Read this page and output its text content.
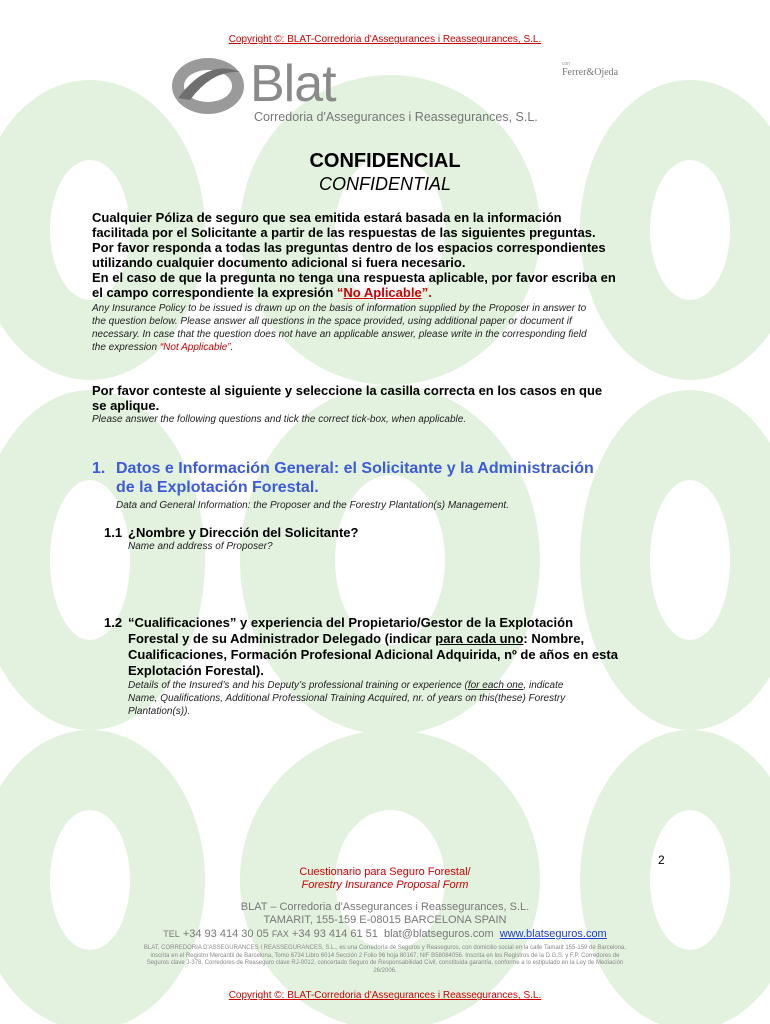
Copyright ©: BLAT-Corredoria d'Assegurances i Reassegurances, S.L.
Blat
Corredoria d'Assegurances i Reassegurances, S.L.
con
Ferrer&Ojeda
CONFIDENCIAL
CONFIDENTIAL
Cualquier Póliza de seguro que sea emitida estará basada en la información
facilitada por el Solicitante a partir de las respuestas de las siguientes preguntas.
Por favor responda a todas las preguntas dentro de los espacios correspondientes
utilizando cualquier documento adicional si fuera necesario.
En el caso de que la pregunta no tenga una respuesta aplicable, por favor escriba en
el campo correspondiente la expresión “No Aplicable”.
Any Insurance Policy to be issued is drawn up on the basis of information supplied by the Proposer in answer to
the question below. Please answer all questions in the space provided, using additional paper or document if
necessary. In case that the question does not have an applicable answer, please write in the corresponding field
the expression “Not Applicable”.
Por favor conteste al siguiente y seleccione la casilla correcta en los casos en que
se aplique.
Please answer the following questions and tick the correct tick-box, when applicable.
1. Datos e Información General: el Solicitante y la Administración
de la Explotación Forestal.
Data and General Information: the Proposer and the Forestry Plantation(s) Management.
1.1 ¿Nombre y Dirección del Solicitante?
Name and address of Proposer?
1.2 “Cualificaciones” y experiencia del Propietario/Gestor de la Explotación
Forestal y de su Administrador Delegado (indicar para cada uno: Nombre,
Cualificaciones, Formación Profesional Adicional Adquirida, nº de años en esta
Explotación Forestal).
Details of the Insured’s and his Deputy’s professional training or experience (for each one, indicate
Name, Qualifications, Additional Professional Training Acquired, nr. of years on this(these) Forestry
Plantation(s)).
2
Cuestionario para Seguro Forestal/
Forestry Insurance Proposal Form
BLAT – Corredoria d'Assegurances i Reassegurances, S.L.
TAMARIT, 155-159 E-08015 BARCELONA SPAIN
TEL +34 93 414 30 05 FAX +34 93 414 61 51 blat@blatseguros.com www.blatseguros.com
BLAT, CORREDORIA D'ASSEGURANCES I REASSEGURANCES, S.L., es una Corredoría de Seguros y Reaseguros, con domicilio social en la calle Tamarit 155-159 de Barcelona,
inscrita en el Registro Mercantil de Barcelona, Tomo 6734 Libro 6014 Sección 2 Folio 96 hoja 80167, NIF B58084056. Inscrita en los Registros de la D.G.S. y F.P. Corredores de
Seguros clave J-378. Corredores de Reaseguro clave RJ-0012, concertado Seguro de Responsabilidad Civil, constituida garantía, conforme a lo estipulado en la Ley de Mediación
26/2006.
Copyright ©: BLAT-Corredoria d'Assegurances i Reassegurances, S.L.
